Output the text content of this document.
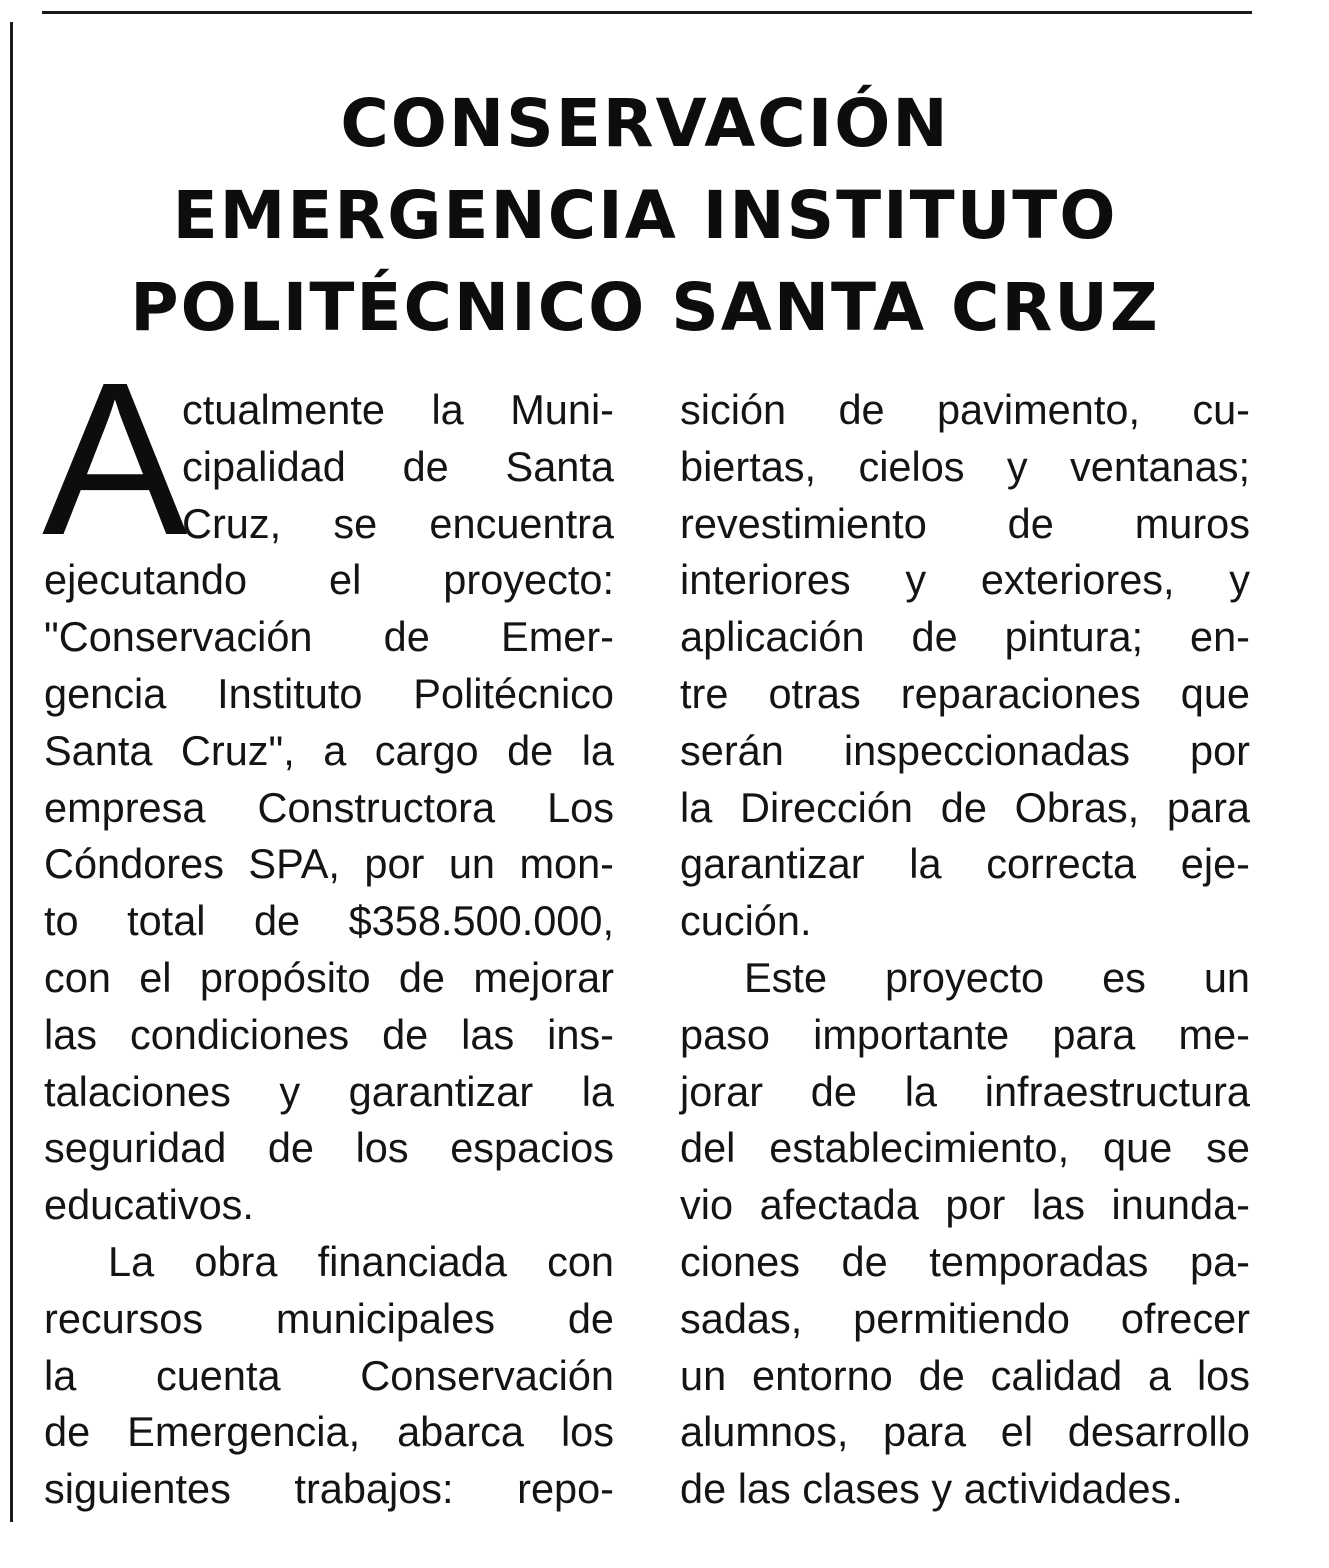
CONSERVACIÓN
EMERGENCIA INSTITUTO
POLITÉCNICO SANTA CRUZ
A
ctualmente la Muni-
cipalidad de Santa
Cruz, se encuentra
ejecutando el proyecto:
"Conservación de Emer-
gencia Instituto Politécnico
Santa Cruz", a cargo de la
empresa Constructora Los
Cóndores SPA, por un mon-
to total de $358.500.000,
con el propósito de mejorar
las condiciones de las ins-
talaciones y garantizar la
seguridad de los espacios
educativos.
La obra financiada con
recursos municipales de
la cuenta Conservación
de Emergencia, abarca los
siguientes trabajos: repo-
sición de pavimento, cu-
biertas, cielos y ventanas;
revestimiento de muros
interiores y exteriores, y
aplicación de pintura; en-
tre otras reparaciones que
serán inspeccionadas por
la Dirección de Obras, para
garantizar la correcta eje-
cución.
Este proyecto es un
paso importante para me-
jorar de la infraestructura
del establecimiento, que se
vio afectada por las inunda-
ciones de temporadas pa-
sadas, permitiendo ofrecer
un entorno de calidad a los
alumnos, para el desarrollo
de las clases y actividades.
